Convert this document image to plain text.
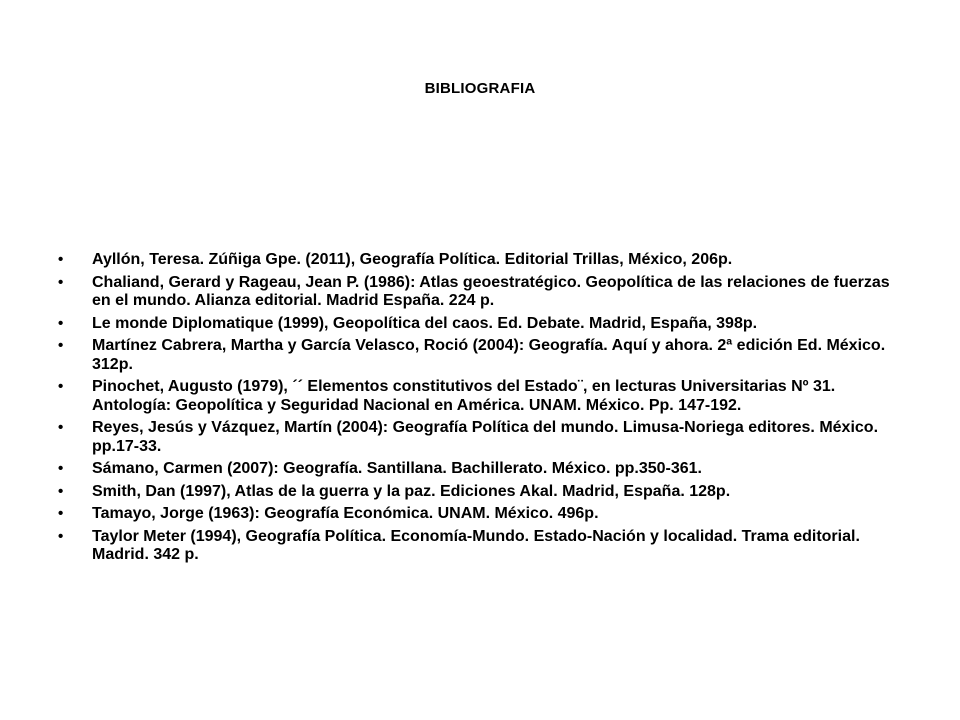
BIBLIOGRAFIA
•	Ayllón, Teresa. Zúñiga Gpe. (2011), Geografía Política. Editorial Trillas, México, 206p.
•	Chaliand, Gerard y Rageau, Jean P. (1986): Atlas geoestratégico. Geopolítica de las relaciones de fuerzas en el mundo. Alianza editorial. Madrid España. 224 p.
•	Le monde Diplomatique (1999), Geopolítica del caos. Ed. Debate. Madrid, España, 398p.
•	Martínez Cabrera, Martha y García Velasco, Roció (2004): Geografía. Aquí y ahora. 2ª edición Ed. México. 312p.
•	Pinochet, Augusto (1979), ´´ Elementos constitutivos del Estado¨, en lecturas Universitarias Nº 31. Antología: Geopolítica y Seguridad Nacional en América. UNAM. México. Pp. 147-192.
•	Reyes, Jesús y Vázquez, Martín (2004): Geografía Política del mundo. Limusa-Noriega editores. México. pp.17-33.
•	Sámano, Carmen (2007): Geografía. Santillana. Bachillerato. México. pp.350-361.
•	Smith, Dan (1997), Atlas de la guerra y la paz. Ediciones Akal. Madrid, España. 128p.
•	Tamayo, Jorge (1963): Geografía Económica. UNAM. México. 496p.
•	Taylor Meter (1994), Geografía Política. Economía-Mundo. Estado-Nación y localidad. Trama editorial. Madrid. 342 p.
